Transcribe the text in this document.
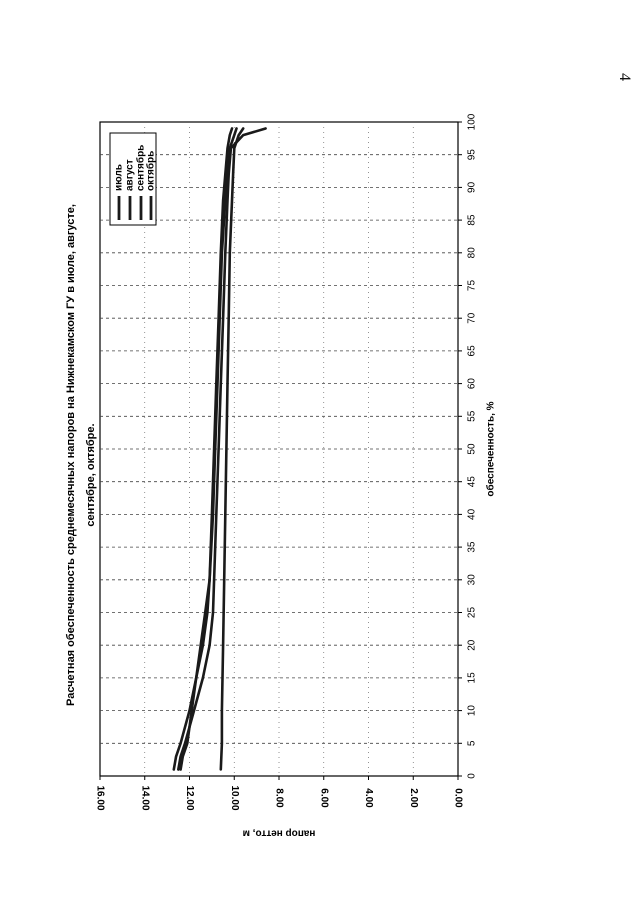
4
0
5
10
15
20
25
30
35
40
45
50
55
60
65
70
75
80
85
90
95
100
0.00
2.00
4.00
6.00
8.00
10.00
12.00
14.00
16.00
обеспеченность, %
напор нетто, м
Расчетная обеспеченность среднемесячных напоров на Нижнекамском ГУ в июле, августе, сентябре, октябре.
июль август сентябрь октябрь
